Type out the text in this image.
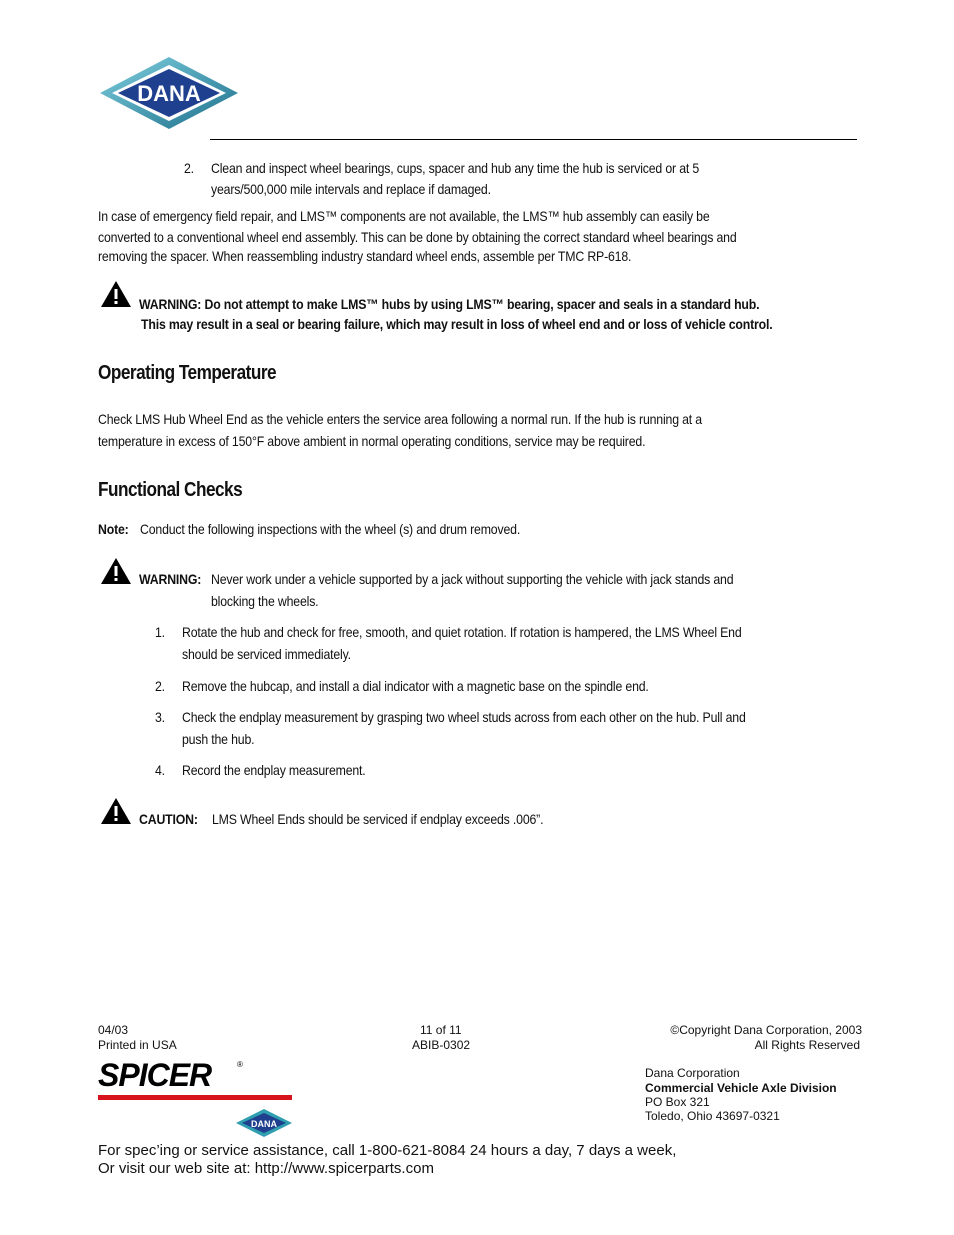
DANA
2. Clean and inspect wheel bearings, cups, spacer and hub any time the hub is serviced or at 5
years/500,000 mile intervals and replace if damaged.
In case of emergency field repair, and LMS™ components are not available, the LMS™ hub assembly can easily be
converted to a conventional wheel end assembly. This can be done by obtaining the correct standard wheel bearings and
removing the spacer. When reassembling industry standard wheel ends, assemble per TMC RP-618.
WARNING: Do not attempt to make LMS™ hubs by using LMS™ bearing, spacer and seals in a standard hub.
This may result in a seal or bearing failure, which may result in loss of wheel end and or loss of vehicle control.
Operating Temperature
Check LMS Hub Wheel End as the vehicle enters the service area following a normal run. If the hub is running at a
temperature in excess of 150°F above ambient in normal operating conditions, service may be required.
Functional Checks
Note: Conduct the following inspections with the wheel (s) and drum removed.
WARNING: Never work under a vehicle supported by a jack without supporting the vehicle with jack stands and
blocking the wheels.
1. Rotate the hub and check for free, smooth, and quiet rotation. If rotation is hampered, the LMS Wheel End
should be serviced immediately.
2. Remove the hubcap, and install a dial indicator with a magnetic base on the spindle end.
3. Check the endplay measurement by grasping two wheel studs across from each other on the hub. Pull and
push the hub.
4. Record the endplay measurement.
CAUTION: LMS Wheel Ends should be serviced if endplay exceeds .006”.
04/03
Printed in USA
11 of 11
ABIB-0302
©Copyright Dana Corporation, 2003
All Rights Reserved
SPICER	®
DANA
Dana Corporation
Commercial Vehicle Axle Division
PO Box 321
Toledo, Ohio 43697-0321
For spec’ing or service assistance, call 1-800-621-8084 24 hours a day, 7 days a week,
Or visit our web site at: http://www.spicerparts.com
